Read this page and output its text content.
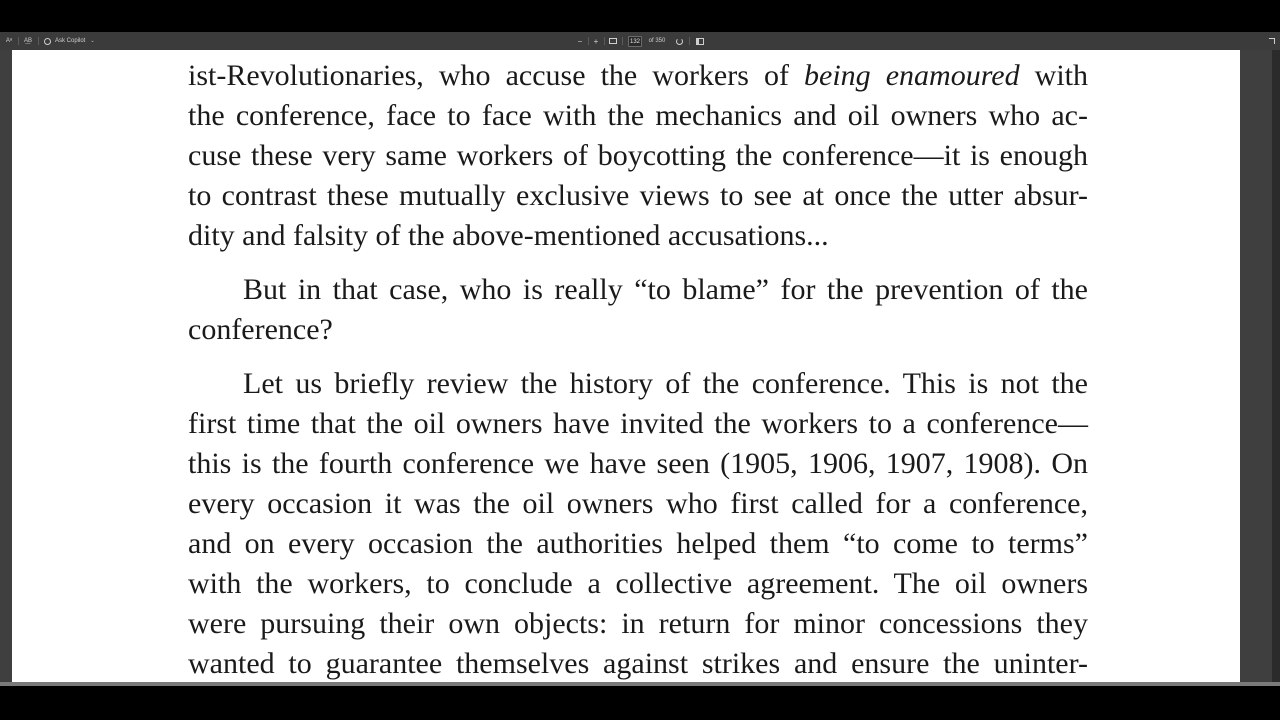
Aᵃ	A͟B	Ask Copilot ⌄	−	+	of 350
132
ist-Revolutionaries, who accuse the workers of being enamoured with
the conference, face to face with the mechanics and oil owners who ac-
cuse these very same workers of boycotting the conference—it is enough
to contrast these mutually exclusive views to see at once the utter absur-
dity and falsity of the above-mentioned accusations...
But in that case, who is really “to blame” for the prevention of the
conference?
Let us briefly review the history of the conference. This is not the
first time that the oil owners have invited the workers to a conference—
this is the fourth conference we have seen (1905, 1906, 1907, 1908). On
every occasion it was the oil owners who first called for a conference,
and on every occasion the authorities helped them “to come to terms”
with the workers, to conclude a collective agreement. The oil owners
were pursuing their own objects: in return for minor concessions they
wanted to guarantee themselves against strikes and ensure the uninter-
